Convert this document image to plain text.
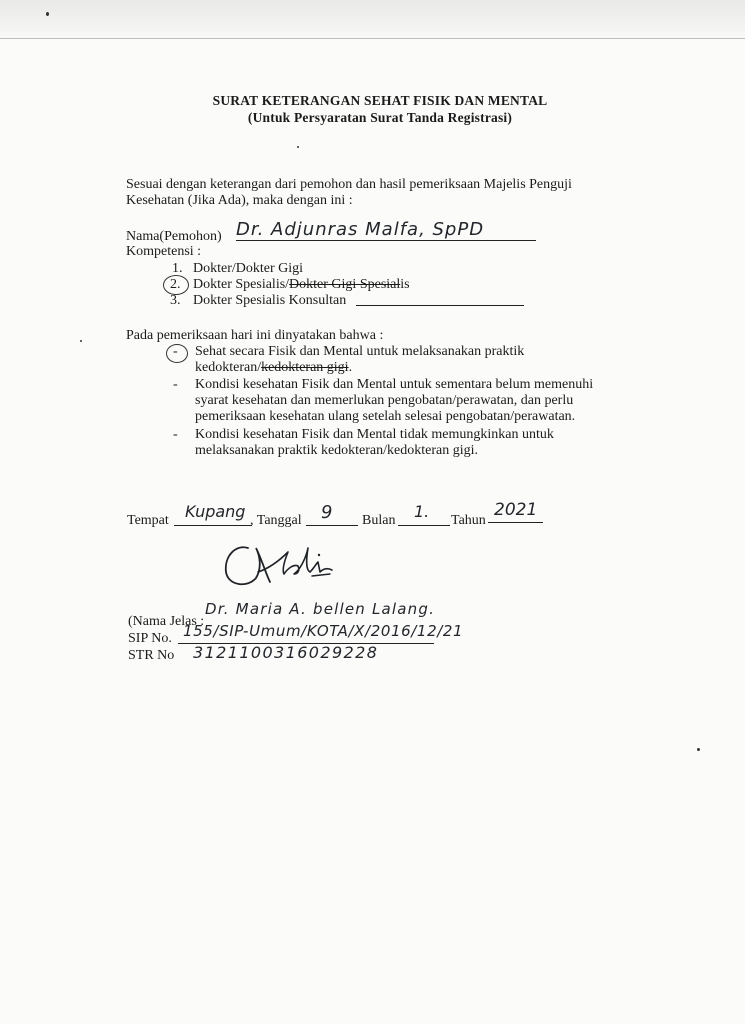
SURAT KETERANGAN SEHAT FISIK DAN MENTAL
(Untuk Persyaratan Surat Tanda Registrasi)
Sesuai dengan keterangan dari pemohon dan hasil pemeriksaan Majelis Penguji
Kesehatan (Jika Ada), maka dengan ini :
Nama(Pemohon) Dr. Adjunras Malfa, SpPD
Kompetensi :
1. Dokter/Dokter Gigi
2. Dokter Spesialis/Dokter Gigi Spesialis
3. Dokter Spesialis Konsultan
Pada pemeriksaan hari ini dinyatakan bahwa :
- Sehat secara Fisik dan Mental untuk melaksanakan praktik
kedokteran/kedokteran gigi.
- Kondisi kesehatan Fisik dan Mental untuk sementara belum memenuhi
syarat kesehatan dan memerlukan pengobatan/perawatan, dan perlu
pemeriksaan kesehatan ulang setelah selesai pengobatan/perawatan.
- Kondisi kesehatan Fisik dan Mental tidak memungkinkan untuk
melaksanakan praktik kedokteran/kedokteran gigi.
Tempat Kupang , Tanggal 9 Bulan 1. Tahun
2021
(Nama Jelas :
Dr. Maria A. bellen Lalang.
SIP No. 155/SIP-Umum/KOTA/X/2016/12/21
STR No 3121100316029228
